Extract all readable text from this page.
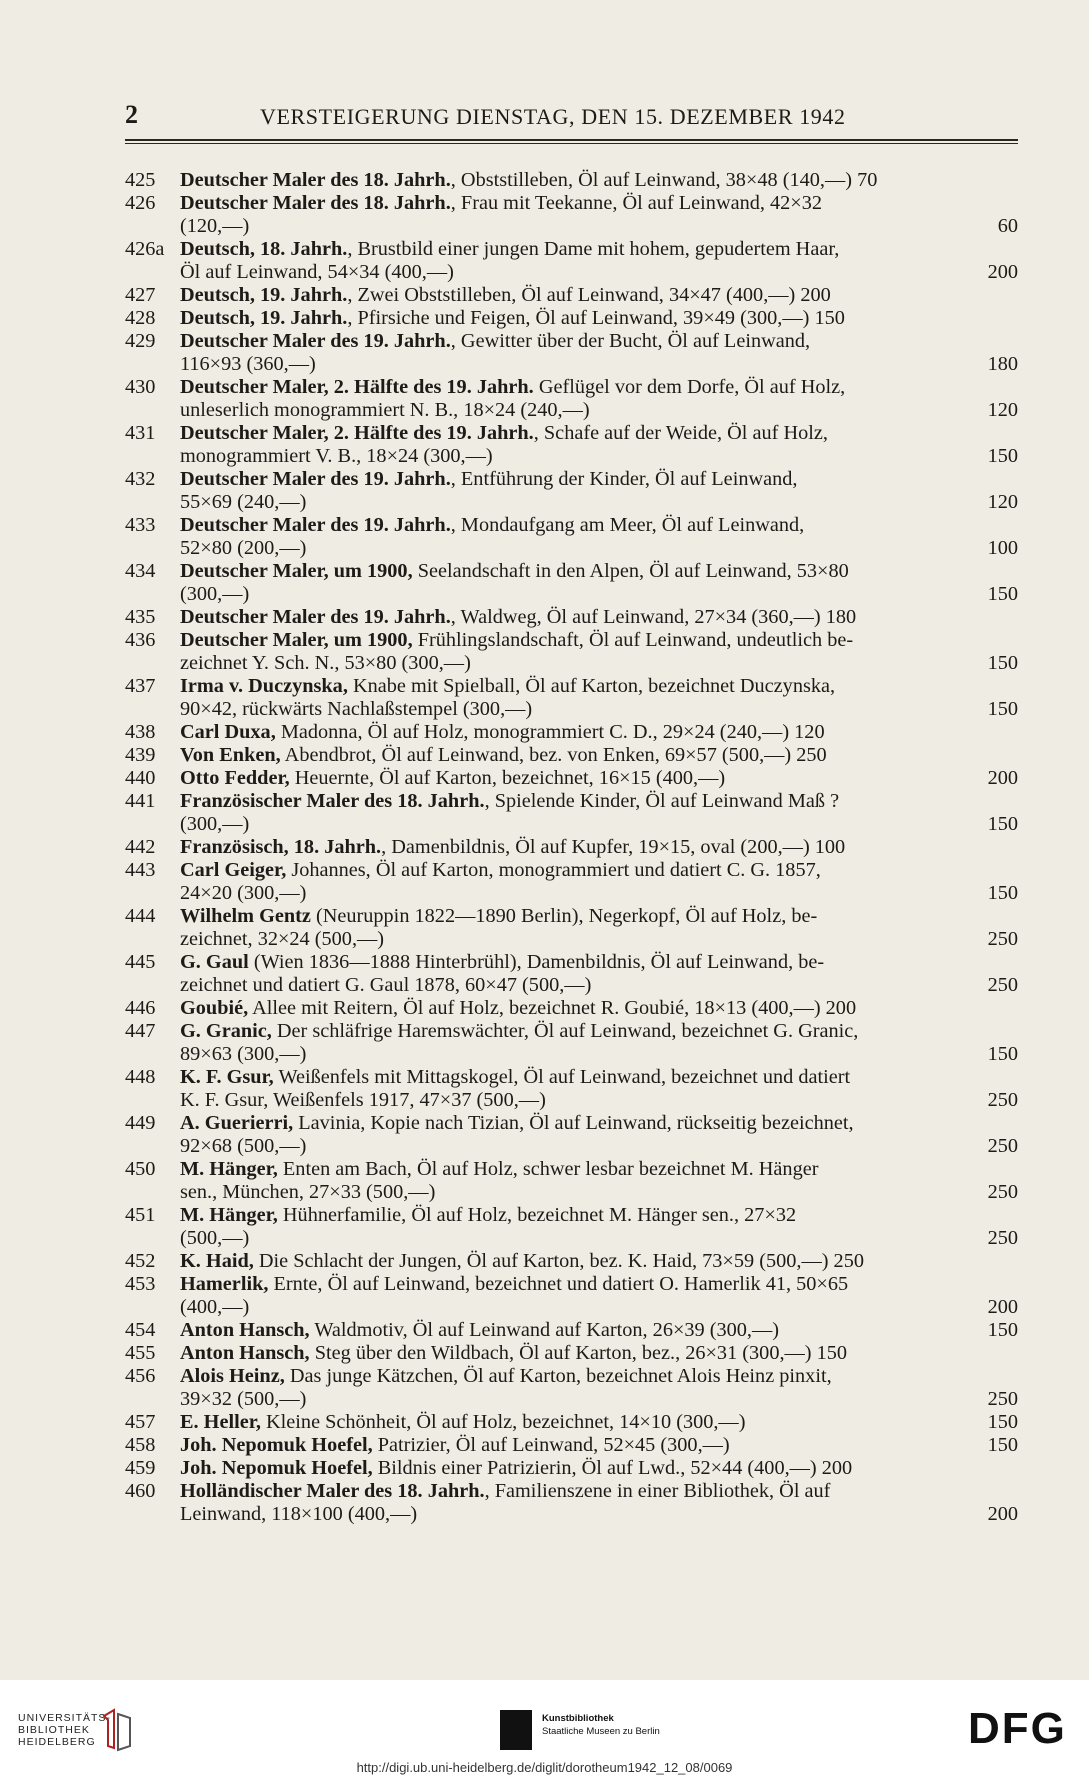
2	VERSTEIGERUNG DIENSTAG, DEN 15. DEZEMBER 1942
425	Deutscher Maler des 18. Jahrh., Obststilleben, Öl auf Leinwand, 38×48 (140,—) 70
426	Deutscher Maler des 18. Jahrh., Frau mit Teekanne, Öl auf Leinwand, 42×32
(120,—)	60
426a Deutsch, 18. Jahrh., Brustbild einer jungen Dame mit hohem, gepudertem Haar,
Öl auf Leinwand, 54×34 (400,—)	200
427	Deutsch, 19. Jahrh., Zwei Obststilleben, Öl auf Leinwand, 34×47 (400,—) 200
428	Deutsch, 19. Jahrh., Pfirsiche und Feigen, Öl auf Leinwand, 39×49 (300,—) 150
429	Deutscher Maler des 19. Jahrh., Gewitter über der Bucht, Öl auf Leinwand,
116×93 (360,—)	180
430	Deutscher Maler, 2. Hälfte des 19. Jahrh. Geflügel vor dem Dorfe, Öl auf Holz,
unleserlich monogrammiert N. B., 18×24 (240,—)	120
431	Deutscher Maler, 2. Hälfte des 19. Jahrh., Schafe auf der Weide, Öl auf Holz,
monogrammiert V. B., 18×24 (300,—)	150
432	Deutscher Maler des 19. Jahrh., Entführung der Kinder, Öl auf Leinwand,
55×69 (240,—)	120
433	Deutscher Maler des 19. Jahrh., Mondaufgang am Meer, Öl auf Leinwand,
52×80 (200,—)	100
434	Deutscher Maler, um 1900, Seelandschaft in den Alpen, Öl auf Leinwand, 53×80
(300,—)	150
435	Deutscher Maler des 19. Jahrh., Waldweg, Öl auf Leinwand, 27×34 (360,—) 180
436	Deutscher Maler, um 1900, Frühlingslandschaft, Öl auf Leinwand, undeutlich be-
zeichnet Y. Sch. N., 53×80 (300,—)	150
437	Irma v. Duczynska, Knabe mit Spielball, Öl auf Karton, bezeichnet Duczynska,
90×42, rückwärts Nachlaßstempel (300,—)	150
438	Carl Duxa, Madonna, Öl auf Holz, monogrammiert C. D., 29×24 (240,—) 120
439	Von Enken, Abendbrot, Öl auf Leinwand, bez. von Enken, 69×57 (500,—) 250
440	Otto Fedder, Heuernte, Öl auf Karton, bezeichnet, 16×15 (400,—)	200
441	Französischer Maler des 18. Jahrh., Spielende Kinder, Öl auf Leinwand Maß ?
(300,—)	150
442	Französisch, 18. Jahrh., Damenbildnis, Öl auf Kupfer, 19×15, oval (200,—) 100
443	Carl Geiger, Johannes, Öl auf Karton, monogrammiert und datiert C. G. 1857,
24×20 (300,—)	150
444	Wilhelm Gentz (Neuruppin 1822—1890 Berlin), Negerkopf, Öl auf Holz, be-
zeichnet, 32×24 (500,—)	250
445	G. Gaul (Wien 1836—1888 Hinterbrühl), Damenbildnis, Öl auf Leinwand, be-
zeichnet und datiert G. Gaul 1878, 60×47 (500,—)	250
446	Goubié, Allee mit Reitern, Öl auf Holz, bezeichnet R. Goubié, 18×13 (400,—) 200
447	G. Granic, Der schläfrige Haremswächter, Öl auf Leinwand, bezeichnet G. Granic,
89×63 (300,—)	150
448	K. F. Gsur, Weißenfels mit Mittagskogel, Öl auf Leinwand, bezeichnet und datiert
K. F. Gsur, Weißenfels 1917, 47×37 (500,—)	250
449	A. Guerierri, Lavinia, Kopie nach Tizian, Öl auf Leinwand, rückseitig bezeichnet,
92×68 (500,—)	250
450	M. Hänger, Enten am Bach, Öl auf Holz, schwer lesbar bezeichnet M. Hänger
sen., München, 27×33 (500,—)	250
451	M. Hänger, Hühnerfamilie, Öl auf Holz, bezeichnet M. Hänger sen., 27×32
(500,—)	250
452	K. Haid, Die Schlacht der Jungen, Öl auf Karton, bez. K. Haid, 73×59 (500,—) 250
453	Hamerlik, Ernte, Öl auf Leinwand, bezeichnet und datiert O. Hamerlik 41, 50×65
(400,—)	200
454	Anton Hansch, Waldmotiv, Öl auf Leinwand auf Karton, 26×39 (300,—)	150
455	Anton Hansch, Steg über den Wildbach, Öl auf Karton, bez., 26×31 (300,—) 150
456	Alois Heinz, Das junge Kätzchen, Öl auf Karton, bezeichnet Alois Heinz pinxit,
39×32 (500,—)	250
457	E. Heller, Kleine Schönheit, Öl auf Holz, bezeichnet, 14×10 (300,—)	150
458	Joh. Nepomuk Hoefel, Patrizier, Öl auf Leinwand, 52×45 (300,—)	150
459	Joh. Nepomuk Hoefel, Bildnis einer Patrizierin, Öl auf Lwd., 52×44 (400,—) 200
460	Holländischer Maler des 18. Jahrh., Familienszene in einer Bibliothek, Öl auf
Leinwand, 118×100 (400,—)	200
UNIVERSITÄTS-
BIBLIOTHEK
HEIDELBERG
Kunstbibliothek
Staatliche Museen zu Berlin	DFG
http://digi.ub.uni-heidelberg.de/diglit/dorotheum1942_12_08/0069
